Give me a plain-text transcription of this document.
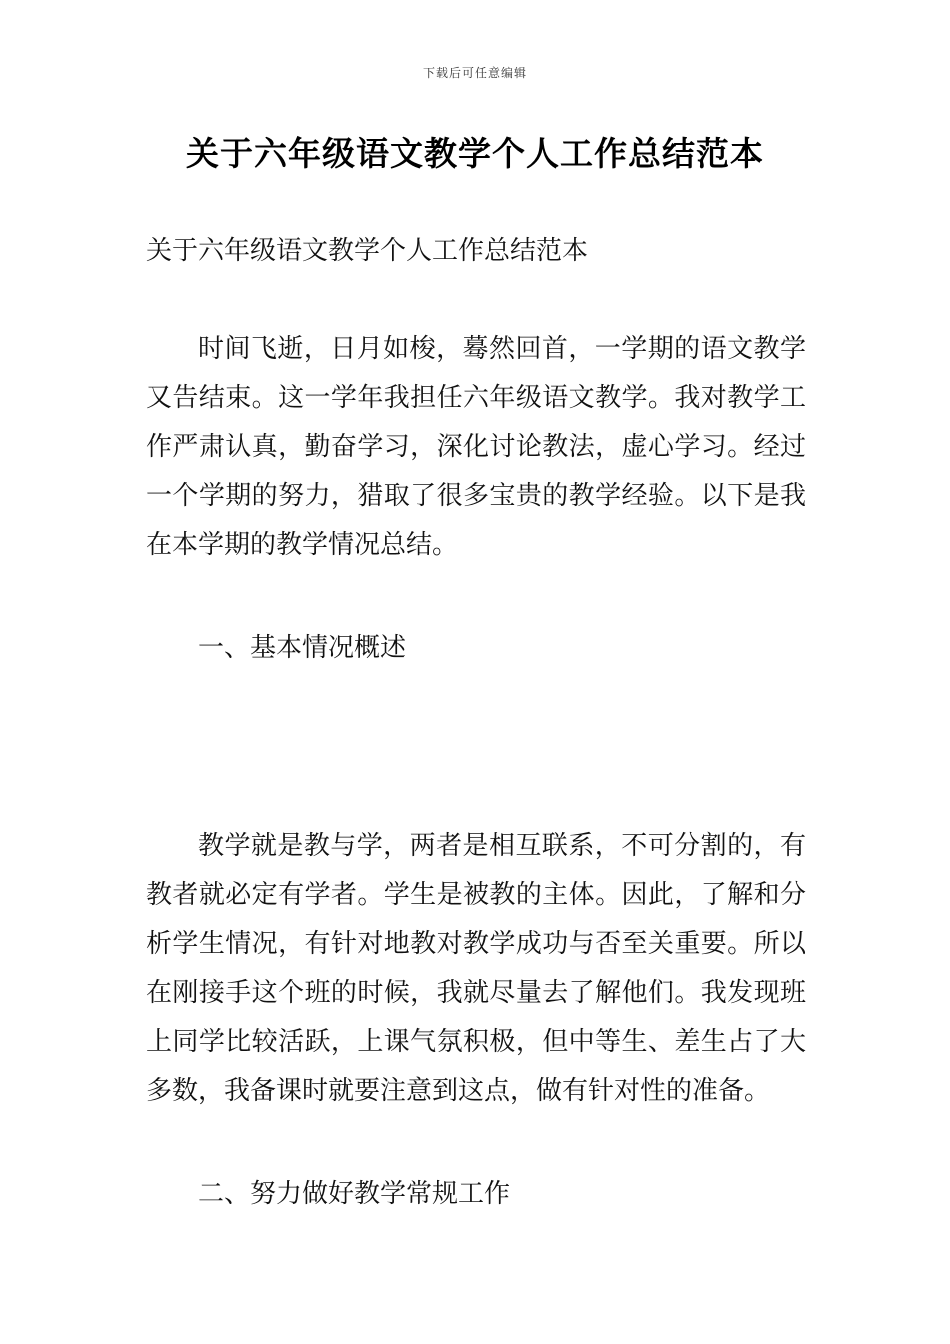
下载后可任意编辑
关于六年级语文教学个人工作总结范本

关于六年级语文教学个人工作总结范本

时间飞逝，日月如梭，蓦然回首，一学期的语文教学又告结束。这一学年我担任六年级语文教学。我对教学工作严肃认真，勤奋学习，深化讨论教法，虚心学习。经过一个学期的努力，猎取了很多宝贵的教学经验。以下是我在本学期的教学情况总结。

一、基本情况概述

教学就是教与学，两者是相互联系，不可分割的，有教者就必定有学者。学生是被教的主体。因此，了解和分析学生情况，有针对地教对教学成功与否至关重要。所以在刚接手这个班的时候，我就尽量去了解他们。我发现班上同学比较活跃，上课气氛积极，但中等生、差生占了大多数，我备课时就要注意到这点，做有针对性的准备。

二、努力做好教学常规工作
